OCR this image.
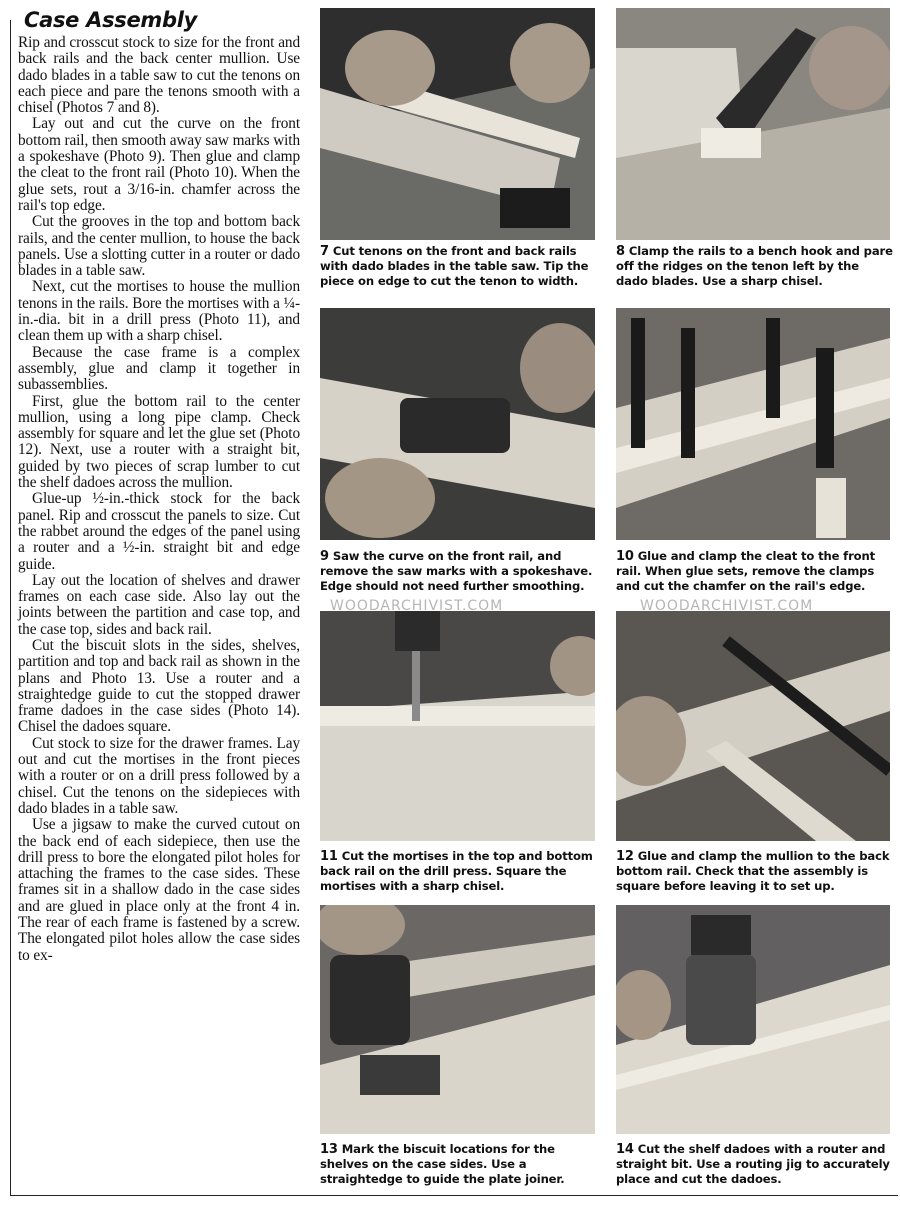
Case Assembly

Rip and crosscut stock to size for the front and back rails and the back center mullion. Use dado blades in a table saw to cut the tenons on each piece and pare the tenons smooth with a chisel (Photos 7 and 8).

Lay out and cut the curve on the front bottom rail, then smooth away saw marks with a spokeshave (Photo 9). Then glue and clamp the cleat to the front rail (Photo 10). When the glue sets, rout a 3/16-in. chamfer across the rail's top edge.

Cut the grooves in the top and bottom back rails, and the center mullion, to house the back panels. Use a slotting cutter in a router or dado blades in a table saw.

Next, cut the mortises to house the mullion tenons in the rails. Bore the mortises with a ¼-in.-dia. bit in a drill press (Photo 11), and clean them up with a sharp chisel.

Because the case frame is a complex assembly, glue and clamp it together in subassemblies.

First, glue the bottom rail to the center mullion, using a long pipe clamp. Check assembly for square and let the glue set (Photo 12). Next, use a router with a straight bit, guided by two pieces of scrap lumber to cut the shelf dadoes across the mullion.

Glue-up ½-in.-thick stock for the back panel. Rip and crosscut the panels to size. Cut the rabbet around the edges of the panel using a router and a ½-in. straight bit and edge guide.

Lay out the location of shelves and drawer frames on each case side. Also lay out the joints between the partition and case top, and the case top, sides and back rail.

Cut the biscuit slots in the sides, shelves, partition and top and back rail as shown in the plans and Photo 13. Use a router and a straightedge guide to cut the stopped drawer frame dadoes in the case sides (Photo 14). Chisel the dadoes square.

Cut stock to size for the drawer frames. Lay out and cut the mortises in the front pieces with a router or on a drill press followed by a chisel. Cut the tenons on the sidepieces with dado blades in a table saw.

Use a jigsaw to make the curved cutout on the back end of each sidepiece, then use the drill press to bore the elongated pilot holes for attaching the frames to the case sides. These frames sit in a shallow dado in the case sides and are glued in place only at the front 4 in. The rear of each frame is fastened by a screw. The elongated pilot holes allow the case sides to ex-

7 Cut tenons on the front and back rails with dado blades in the table saw. Tip the piece on edge to cut the tenon to width.
8 Clamp the rails to a bench hook and pare off the ridges on the tenon left by the dado blades. Use a sharp chisel.
9 Saw the curve on the front rail, and remove the saw marks with a spokeshave. Edge should not need further smoothing.
10 Glue and clamp the cleat to the front rail. When glue sets, remove the clamps and cut the chamfer on the rail's edge.
11 Cut the mortises in the top and bottom back rail on the drill press. Square the mortises with a sharp chisel.
12 Glue and clamp the mullion to the back bottom rail. Check that the assembly is square before leaving it to set up.
13 Mark the biscuit locations for the shelves on the case sides. Use a straightedge to guide the plate joiner.
14 Cut the shelf dadoes with a router and straight bit. Use a routing jig to accurately place and cut the dadoes.
WOODARCHIVIST.COM	WOODARCHIVIST.COM
